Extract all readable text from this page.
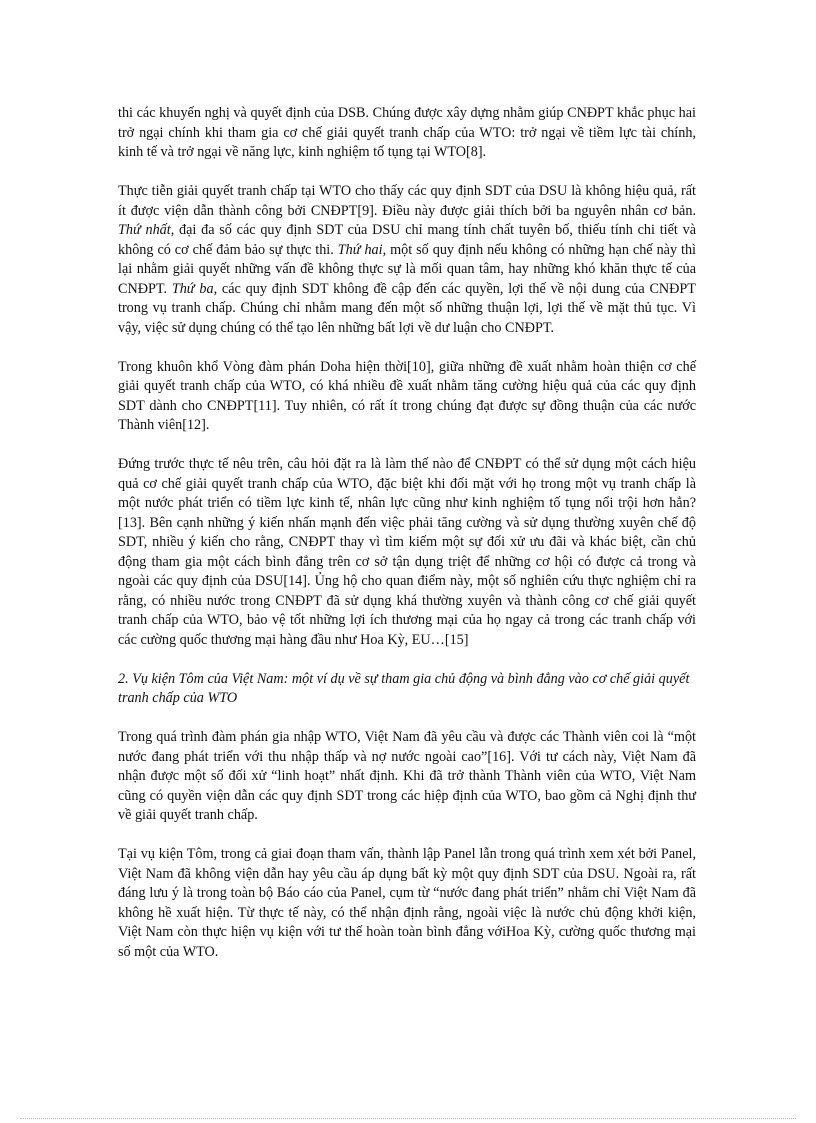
thi các khuyến nghị và quyết định của DSB. Chúng được xây dựng nhằm giúp CNĐPT khắc phục hai trở ngại chính khi tham gia cơ chế giải quyết tranh chấp của WTO: trở ngại về tiềm lực tài chính, kinh tế và trở ngại về năng lực, kinh nghiệm tố tụng tại WTO[8].

Thực tiễn giải quyết tranh chấp tại WTO cho thấy các quy định SDT của DSU là không hiệu quả, rất ít được viện dẫn thành công bởi CNĐPT[9]. Điều này được giải thích bởi ba nguyên nhân cơ bản. Thứ nhất, đại đa số các quy định SDT của DSU chỉ mang tính chất tuyên bố, thiếu tính chi tiết và không có cơ chế đảm bảo sự thực thi. Thứ hai, một số quy định nếu không có những hạn chế này thì lại nhằm giải quyết những vấn đề không thực sự là mối quan tâm, hay những khó khăn thực tế của CNĐPT. Thứ ba, các quy định SDT không đề cập đến các quyền, lợi thế về nội dung của CNĐPT trong vụ tranh chấp. Chúng chỉ nhằm mang đến một số những thuận lợi, lợi thế về mặt thủ tục. Vì vậy, việc sử dụng chúng có thể tạo lên những bất lợi về dư luận cho CNĐPT.

Trong khuôn khổ Vòng đàm phán Doha hiện thời[10], giữa những đề xuất nhằm hoàn thiện cơ chế giải quyết tranh chấp của WTO, có khá nhiều đề xuất nhằm tăng cường hiệu quả của các quy định SDT dành cho CNĐPT[11]. Tuy nhiên, có rất ít trong chúng đạt được sự đồng thuận của các nước Thành viên[12].

Đứng trước thực tế nêu trên, câu hỏi đặt ra là làm thế nào để CNĐPT có thể sử dụng một cách hiệu quả cơ chế giải quyết tranh chấp của WTO, đặc biệt khi đối mặt với họ trong một vụ tranh chấp là một nước phát triển có tiềm lực kinh tế, nhân lực cũng như kinh nghiệm tố tụng nổi trội hơn hẳn?[13]. Bên cạnh những ý kiến nhấn mạnh đến việc phải tăng cường và sử dụng thường xuyên chế độ SDT, nhiều ý kiến cho rằng, CNĐPT thay vì tìm kiếm một sự đối xử ưu đãi và khác biệt, cần chủ động tham gia một cách bình đẳng trên cơ sở tận dụng triệt để những cơ hội có được cả trong và ngoài các quy định của DSU[14]. Ủng hộ cho quan điểm này, một số nghiên cứu thực nghiệm chỉ ra rằng, có nhiều nước trong CNĐPT đã sử dụng khá thường xuyên và thành công cơ chế giải quyết tranh chấp của WTO, bảo vệ tốt những lợi ích thương mại của họ ngay cả trong các tranh chấp với các cường quốc thương mại hàng đầu như Hoa Kỳ, EU…[15]

2. Vụ kiện Tôm của Việt Nam: một ví dụ về sự tham gia chủ động và bình đẳng vào cơ chế giải quyết tranh chấp của WTO

Trong quá trình đàm phán gia nhập WTO, Việt Nam đã yêu cầu và được các Thành viên coi là “một nước đang phát triển với thu nhập thấp và nợ nước ngoài cao”[16]. Với tư cách này, Việt Nam đã nhận được một số đối xử “linh hoạt” nhất định. Khi đã trở thành Thành viên của WTO, Việt Nam cũng có quyền viện dẫn các quy định SDT trong các hiệp định của WTO, bao gồm cả Nghị định thư về giải quyết tranh chấp.

Tại vụ kiện Tôm, trong cả giai đoạn tham vấn, thành lập Panel lẫn trong quá trình xem xét bởi Panel, Việt Nam đã không viện dẫn hay yêu cầu áp dụng bất kỳ một quy định SDT của DSU. Ngoài ra, rất đáng lưu ý là trong toàn bộ Báo cáo của Panel, cụm từ “nước đang phát triển” nhằm chỉ Việt Nam đã không hề xuất hiện. Từ thực tế này, có thể nhận định rằng, ngoài việc là nước chủ động khởi kiện, Việt Nam còn thực hiện vụ kiện với tư thế hoàn toàn bình đẳng vớiHoa Kỳ, cường quốc thương mại số một của WTO.
